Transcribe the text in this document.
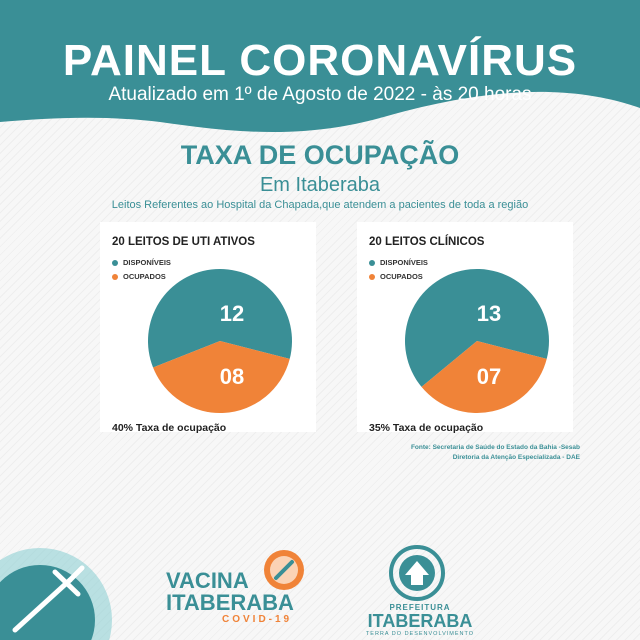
PAINEL CORONAVÍRUS
Atualizado em 1º de Agosto de 2022 - às 20 horas
TAXA DE OCUPAÇÃO
Em Itaberaba
Leitos Referentes ao Hospital da Chapada,que atendem a pacientes de toda a região
20 LEITOS DE UTI ATIVOS
DISPONÍVEIS
OCUPADOS
12
08
40% Taxa de ocupação
20 LEITOS CLÍNICOS
DISPONÍVEIS
OCUPADOS
13
07
35% Taxa de ocupação
Fonte: Secretaria de Saúde do Estado da Bahia -Sesab
Diretoria da Atenção Especializada - DAE
VACINA
ITABERABA
COVID-19
PREFEITURA
ITABERABA
TERRA DO DESENVOLVIMENTO
